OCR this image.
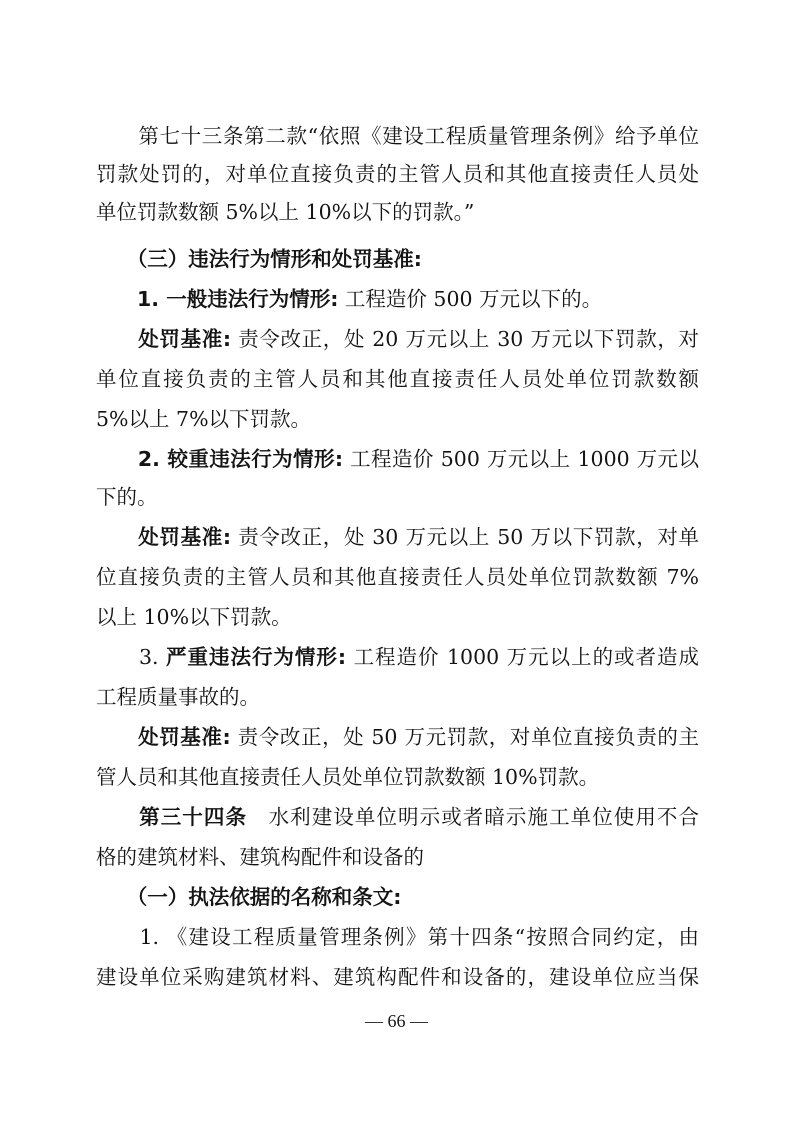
　　第七十三条第二款“依照《建设工程质量管理条例》给予单位
罚款处罚的，对单位直接负责的主管人员和其他直接责任人员处
单位罚款数额 5%以上 10%以下的罚款。”
　　（三）违法行为情形和处罚基准:
　　1. 一般违法行为情形: 工程造价 500 万元以下的。
　　处罚基准: 责令改正，处 20 万元以上 30 万元以下罚款，对
单位直接负责的主管人员和其他直接责任人员处单位罚款数额
5%以上 7%以下罚款。
　　2. 较重违法行为情形: 工程造价 500 万元以上 1000 万元以
下的。
　　处罚基准: 责令改正，处 30 万元以上 50 万以下罚款，对单
位直接负责的主管人员和其他直接责任人员处单位罚款数额 7%
以上 10%以下罚款。
　　3. 严重违法行为情形: 工程造价 1000 万元以上的或者造成
工程质量事故的。
　　处罚基准: 责令改正，处 50 万元罚款，对单位直接负责的主
管人员和其他直接责任人员处单位罚款数额 10%罚款。
　　第三十四条　水利建设单位明示或者暗示施工单位使用不合
格的建筑材料、建筑构配件和设备的
　　（一）执法依据的名称和条文:
　　1. 《建设工程质量管理条例》第十四条“按照合同约定，由
建设单位采购建筑材料、建筑构配件和设备的，建设单位应当保
— 66 —
